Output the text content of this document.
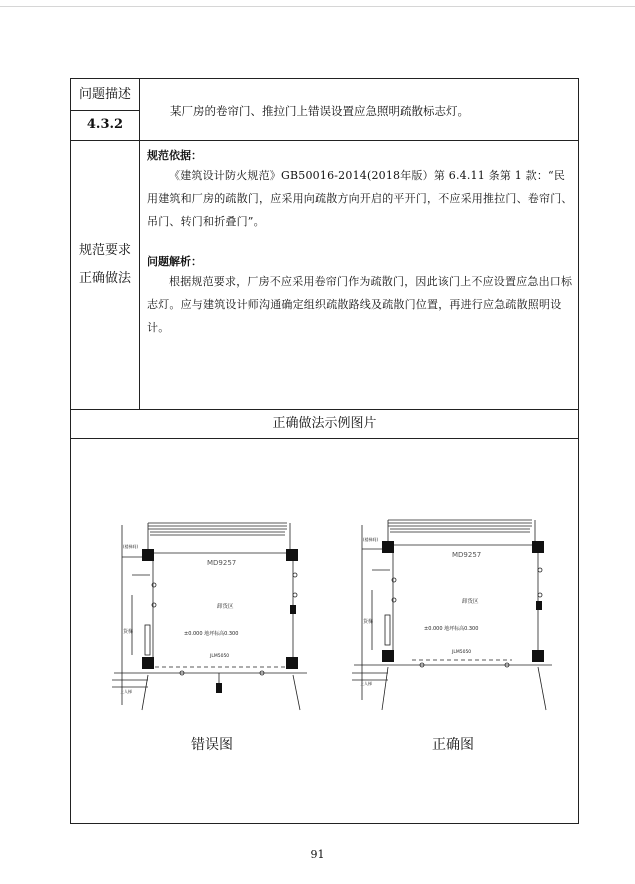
问题描述
4.3.2
某厂房的卷帘门、推拉门上错误设置应急照明疏散标志灯。
规范要求
正确做法
规范依据：
《建筑设计防火规范》GB50016-2014(2018年版）第 6.4.11 条第 1 款：“民用建筑和厂房的疏散门，应采用向疏散方向开启的平开门，不应采用推拉门、卷帘门、吊门、转门和折叠门”。
问题解析：
根据规范要求，厂房不应采用卷帘门作为疏散门，因此该门上不应设置应急出口标志灯。应与建筑设计师沟通确定组织疏散路线及疏散门位置，再进行应急疏散照明设计。
正确做法示例图片
MD9257
卸货区
±0.000 地坪标高0.300
JLM5050
(楼梯间)
货梯
上人梯
MD9257
卸货区
±0.000 地坪标高0.300
JLM5050
(楼梯间)
货梯
上人梯
错误图	正确图
91
